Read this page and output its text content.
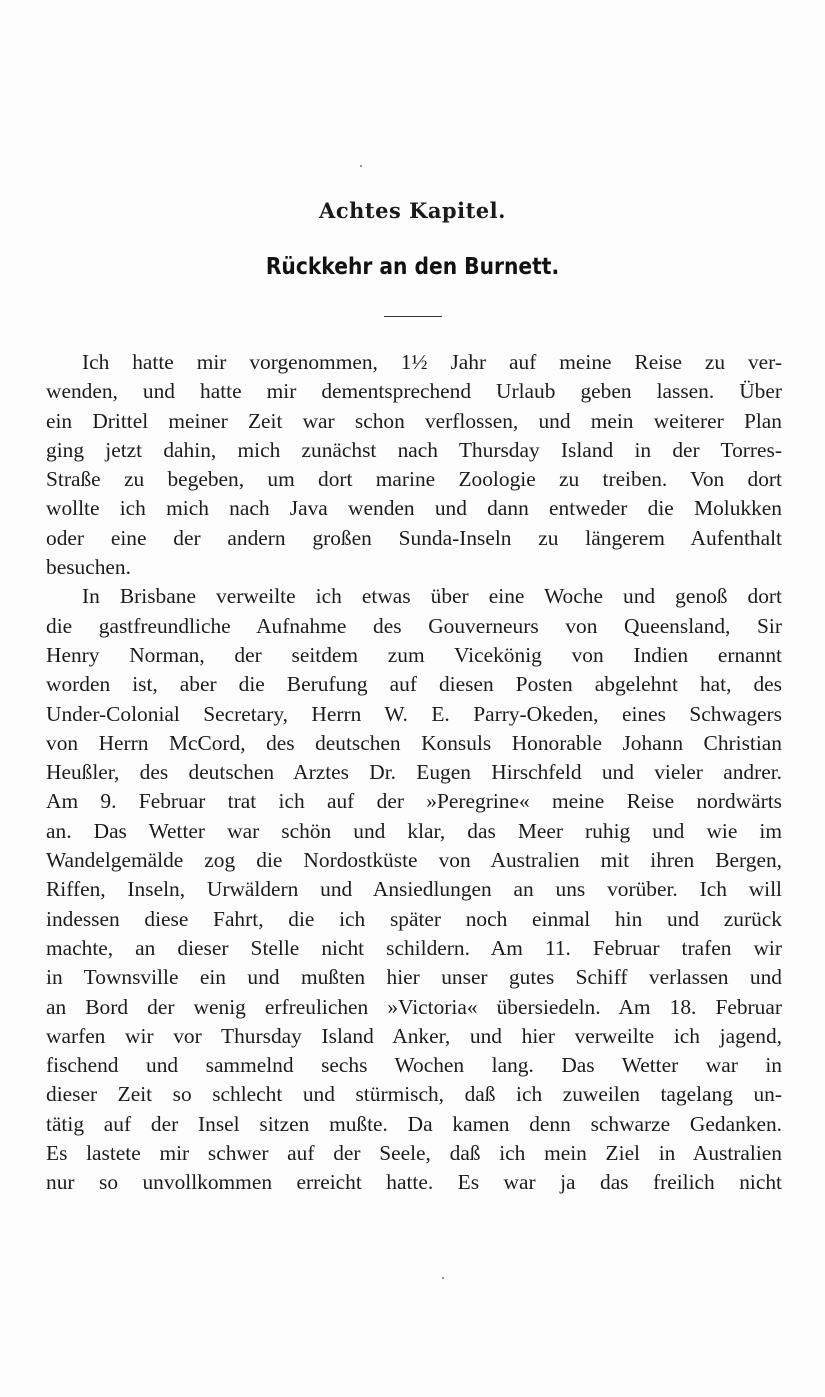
Achtes Kapitel.
Rückkehr an den Burnett.
Ich hatte mir vorgenommen, 1½ Jahr auf meine Reise zu ver-
wenden, und hatte mir dementsprechend Urlaub geben lassen. Über
ein Drittel meiner Zeit war schon verflossen, und mein weiterer Plan
ging jetzt dahin, mich zunächst nach Thursday Island in der Torres-
Straße zu begeben, um dort marine Zoologie zu treiben. Von dort
wollte ich mich nach Java wenden und dann entweder die Molukken
oder eine der andern großen Sunda-Inseln zu längerem Aufenthalt
besuchen.
In Brisbane verweilte ich etwas über eine Woche und genoß dort
die gastfreundliche Aufnahme des Gouverneurs von Queensland, Sir
Henry Norman, der seitdem zum Vicekönig von Indien ernannt
worden ist, aber die Berufung auf diesen Posten abgelehnt hat, des
Under-Colonial Secretary, Herrn W. E. Parry-Okeden, eines Schwagers
von Herrn McCord, des deutschen Konsuls Honorable Johann Christian
Heußler, des deutschen Arztes Dr. Eugen Hirschfeld und vieler andrer.
Am 9. Februar trat ich auf der »Peregrine« meine Reise nordwärts
an. Das Wetter war schön und klar, das Meer ruhig und wie im
Wandelgemälde zog die Nordostküste von Australien mit ihren Bergen,
Riffen, Inseln, Urwäldern und Ansiedlungen an uns vorüber. Ich will
indessen diese Fahrt, die ich später noch einmal hin und zurück
machte, an dieser Stelle nicht schildern. Am 11. Februar trafen wir
in Townsville ein und mußten hier unser gutes Schiff verlassen und
an Bord der wenig erfreulichen »Victoria« übersiedeln. Am 18. Februar
warfen wir vor Thursday Island Anker, und hier verweilte ich jagend,
fischend und sammelnd sechs Wochen lang. Das Wetter war in
dieser Zeit so schlecht und stürmisch, daß ich zuweilen tagelang un-
tätig auf der Insel sitzen mußte. Da kamen denn schwarze Gedanken.
Es lastete mir schwer auf der Seele, daß ich mein Ziel in Australien
nur so unvollkommen erreicht hatte. Es war ja das freilich nicht
